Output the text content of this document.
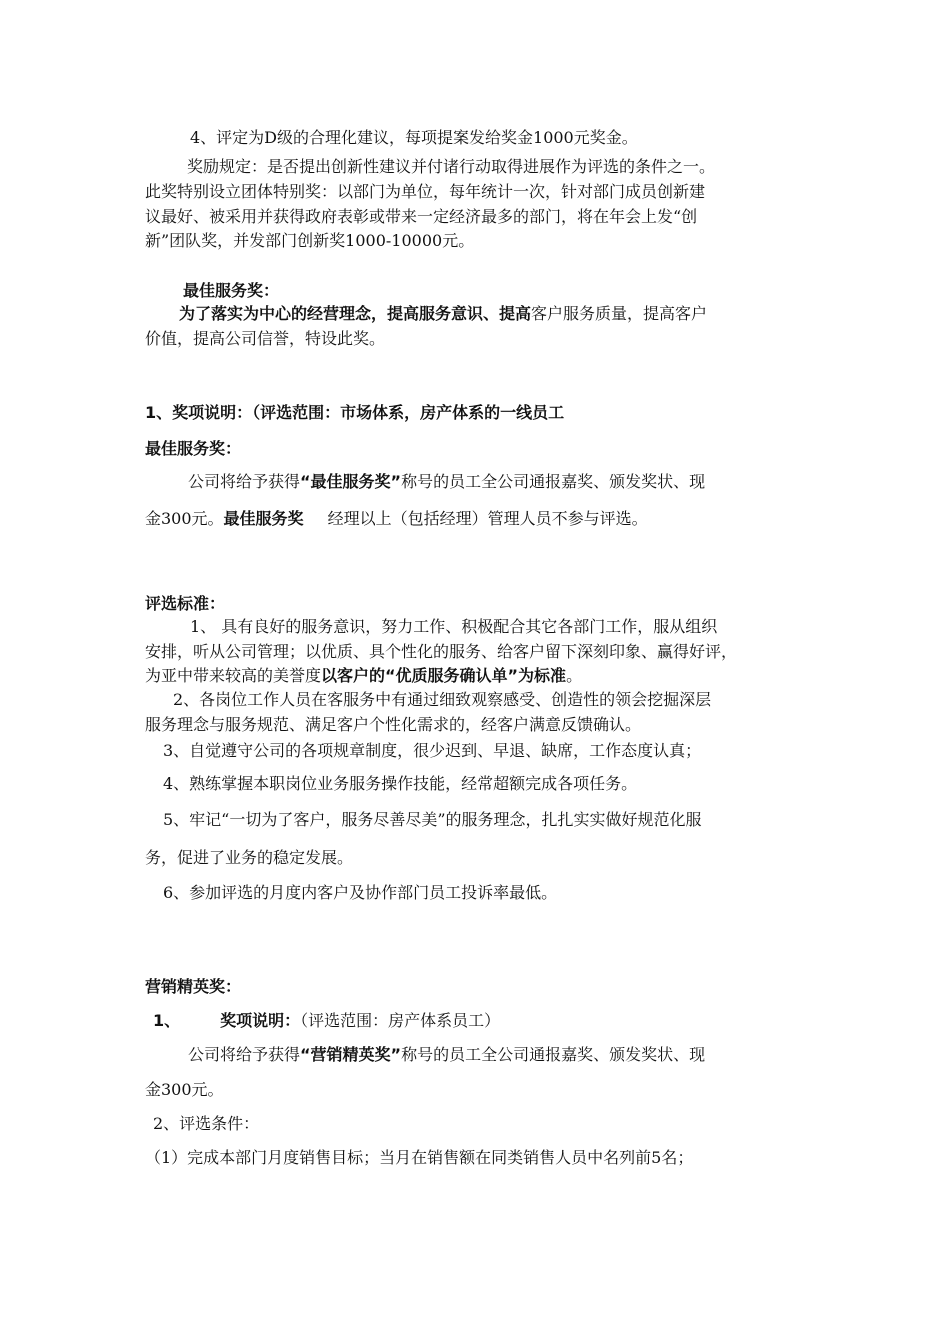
4、评定为D级的合理化建议，每项提案发给奖金1000元奖金。
奖励规定：是否提出创新性建议并付诸行动取得进展作为评选的条件之一。
此奖特别设立团体特别奖：以部门为单位，每年统计一次，针对部门成员创新建
议最好、被采用并获得政府表彰或带来一定经济最多的部门，将在年会上发“创
新”团队奖，并发部门创新奖1000-10000元。
最佳服务奖：
为了落实为中心的经营理念，提高服务意识、提高客户服务质量，提高客户
价值，提高公司信誉，特设此奖。
1、奖项说明：（评选范围：市场体系，房产体系的一线员工
最佳服务奖：
公司将给予获得“最佳服务奖”称号的员工全公司通报嘉奖、颁发奖状、现
金300元。最佳服务奖 经理以上（包括经理）管理人员不参与评选。
评选标准：
1、 具有良好的服务意识，努力工作、积极配合其它各部门工作，服从组织
安排，听从公司管理；以优质、具个性化的服务、给客户留下深刻印象、赢得好评，
为亚中带来较高的美誉度以客户的“优质服务确认单”为标准。
2、各岗位工作人员在客服务中有通过细致观察感受、创造性的领会挖掘深层
服务理念与服务规范、满足客户个性化需求的，经客户满意反馈确认。
3、自觉遵守公司的各项规章制度，很少迟到、早退、缺席，工作态度认真；
4、熟练掌握本职岗位业务服务操作技能，经常超额完成各项任务。
5、牢记“一切为了客户，服务尽善尽美”的服务理念，扎扎实实做好规范化服
务，促进了业务的稳定发展。
6、参加评选的月度内客户及协作部门员工投诉率最低。
营销精英奖：
1、	奖项说明：（评选范围：房产体系员工）
公司将给予获得“营销精英奖”称号的员工全公司通报嘉奖、颁发奖状、现
金300元。
2、评选条件：
（1）完成本部门月度销售目标；当月在销售额在同类销售人员中名列前5名；
